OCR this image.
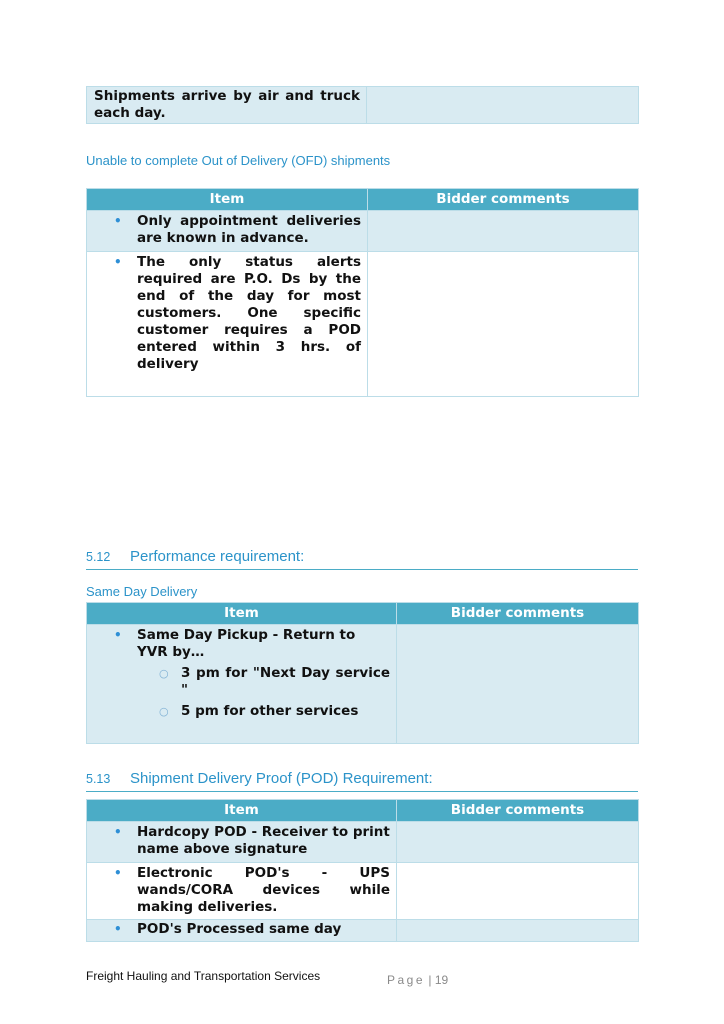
Shipments arrive by air and truck each day.

Unable to complete Out of Delivery (OFD) shipments
Item	Bidder comments

• Only appointment deliveries are known in advance.	

• The only status alerts required are P.O. Ds by the end of the day for most customers. One specific customer requires a POD entered within 3 hrs. of delivery	

5.12 Performance requirement:
Same Day Delivery
Item	Bidder comments

• Same Day Pickup - Return to YVR by…
○ 3 pm for "Next Day service "
○ 5 pm for other services

5.13 Shipment Delivery Proof (POD) Requirement:
Item	Bidder comments

• Hardcopy POD - Receiver to print name above signature	

• Electronic POD's - UPS wands/CORA devices while making deliveries.	

• POD's Processed same day	

Freight Hauling and Transportation Services	Page | 19
